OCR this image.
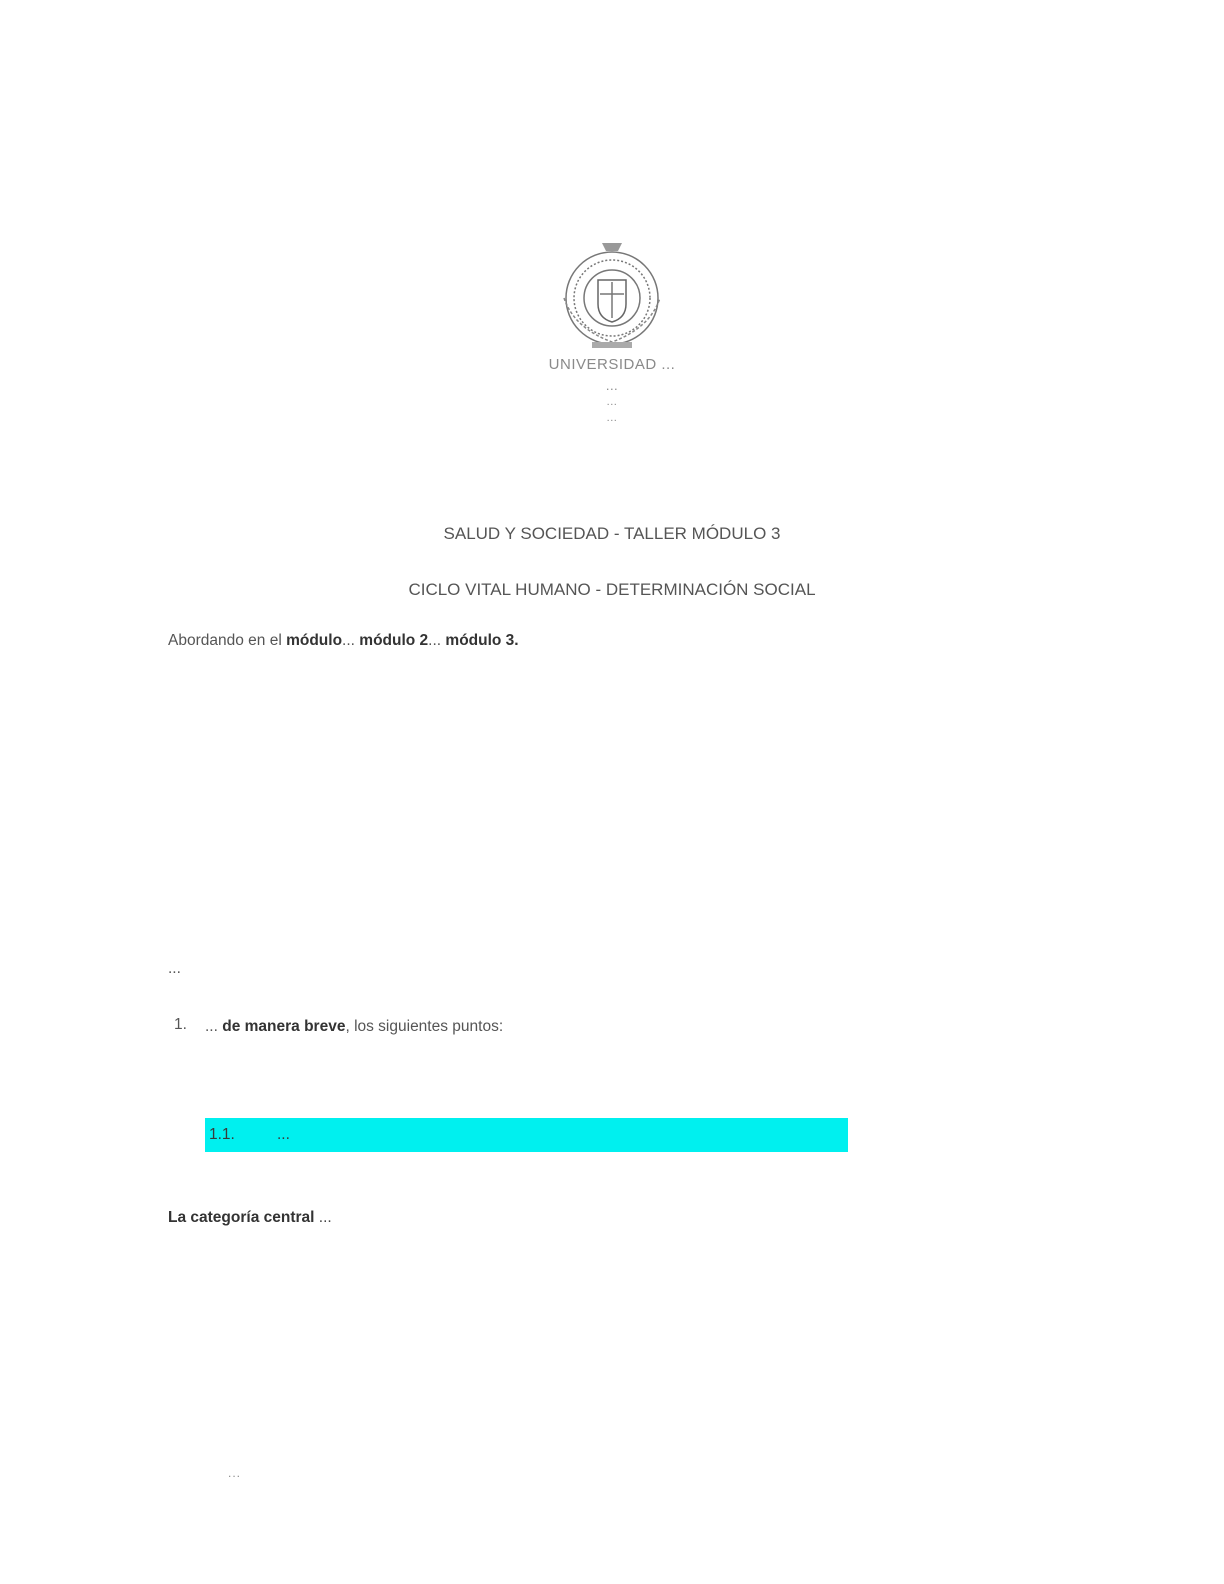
UNIVERSIDAD ...
...
...
...
SALUD Y SOCIEDAD - TALLER MÓDULO 3
CICLO VITAL HUMANO - DETERMINACIÓN SOCIAL

Abordando en el módulo... módulo 2... módulo 3.

...

1. ... de manera breve, los siguientes puntos:

1.1.	...

La categoría central ...

...
